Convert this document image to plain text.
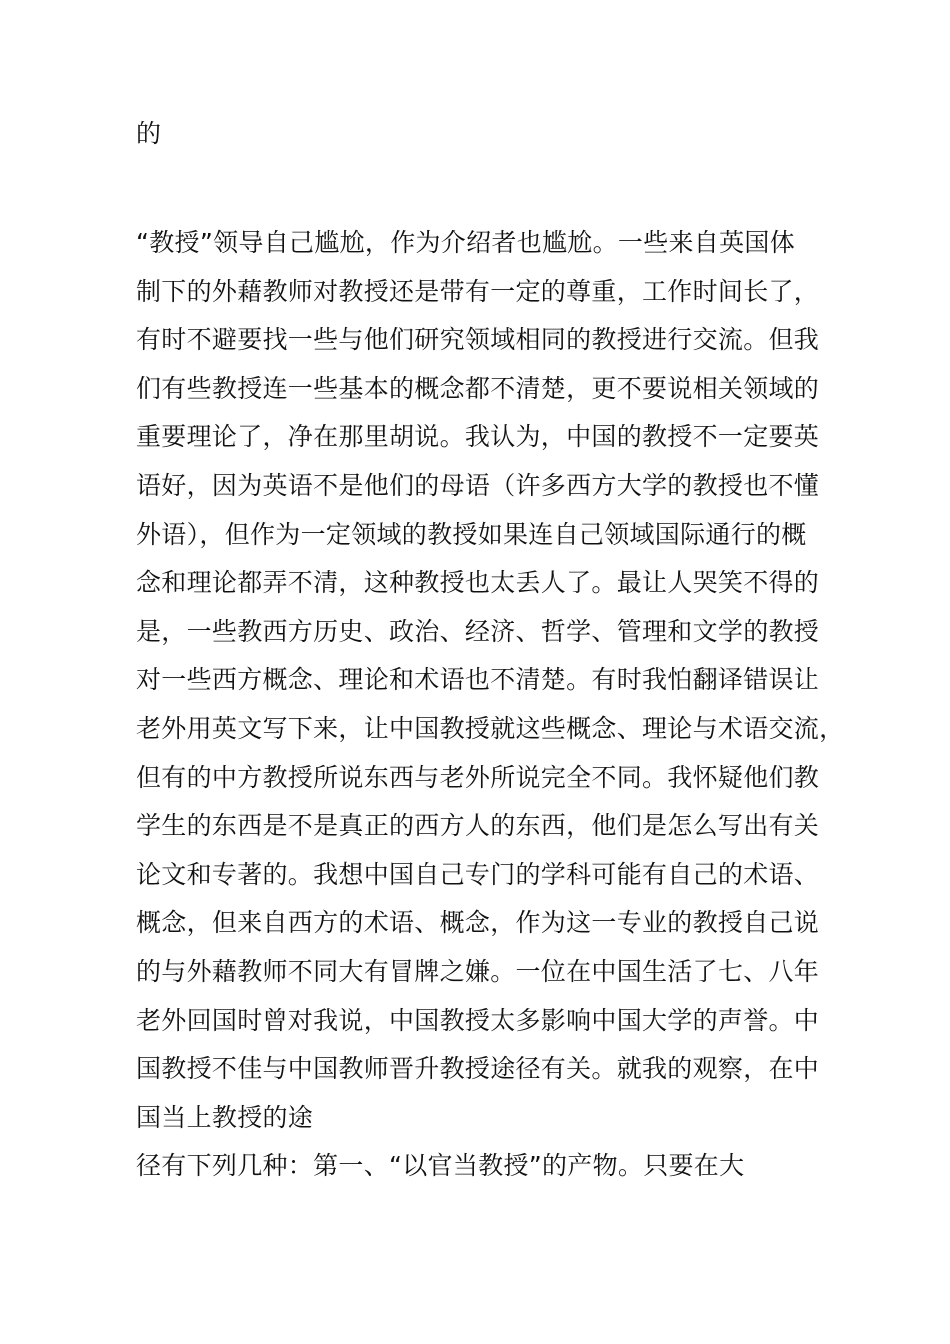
的

“教授”领导自己尴尬，作为介绍者也尴尬。一些来自英国体
制下的外藉教师对教授还是带有一定的尊重，工作时间长了，
有时不避要找一些与他们研究领域相同的教授进行交流。但我
们有些教授连一些基本的概念都不清楚，更不要说相关领域的
重要理论了，净在那里胡说。我认为，中国的教授不一定要英
语好，因为英语不是他们的母语（许多西方大学的教授也不懂
外语），但作为一定领域的教授如果连自己领域国际通行的概
念和理论都弄不清，这种教授也太丢人了。最让人哭笑不得的
是，一些教西方历史、政治、经济、哲学、管理和文学的教授
对一些西方概念、理论和术语也不清楚。有时我怕翻译错误让
老外用英文写下来，让中国教授就这些概念、理论与术语交流，
但有的中方教授所说东西与老外所说完全不同。我怀疑他们教
学生的东西是不是真正的西方人的东西，他们是怎么写出有关
论文和专著的。我想中国自己专门的学科可能有自己的术语、
概念，但来自西方的术语、概念，作为这一专业的教授自己说
的与外藉教师不同大有冒牌之嫌。一位在中国生活了七、八年
老外回国时曾对我说，中国教授太多影响中国大学的声誉。中
国教授不佳与中国教师晋升教授途径有关。就我的观察，在中
国当上教授的途
径有下列几种：第一、“以官当教授”的产物。只要在大
